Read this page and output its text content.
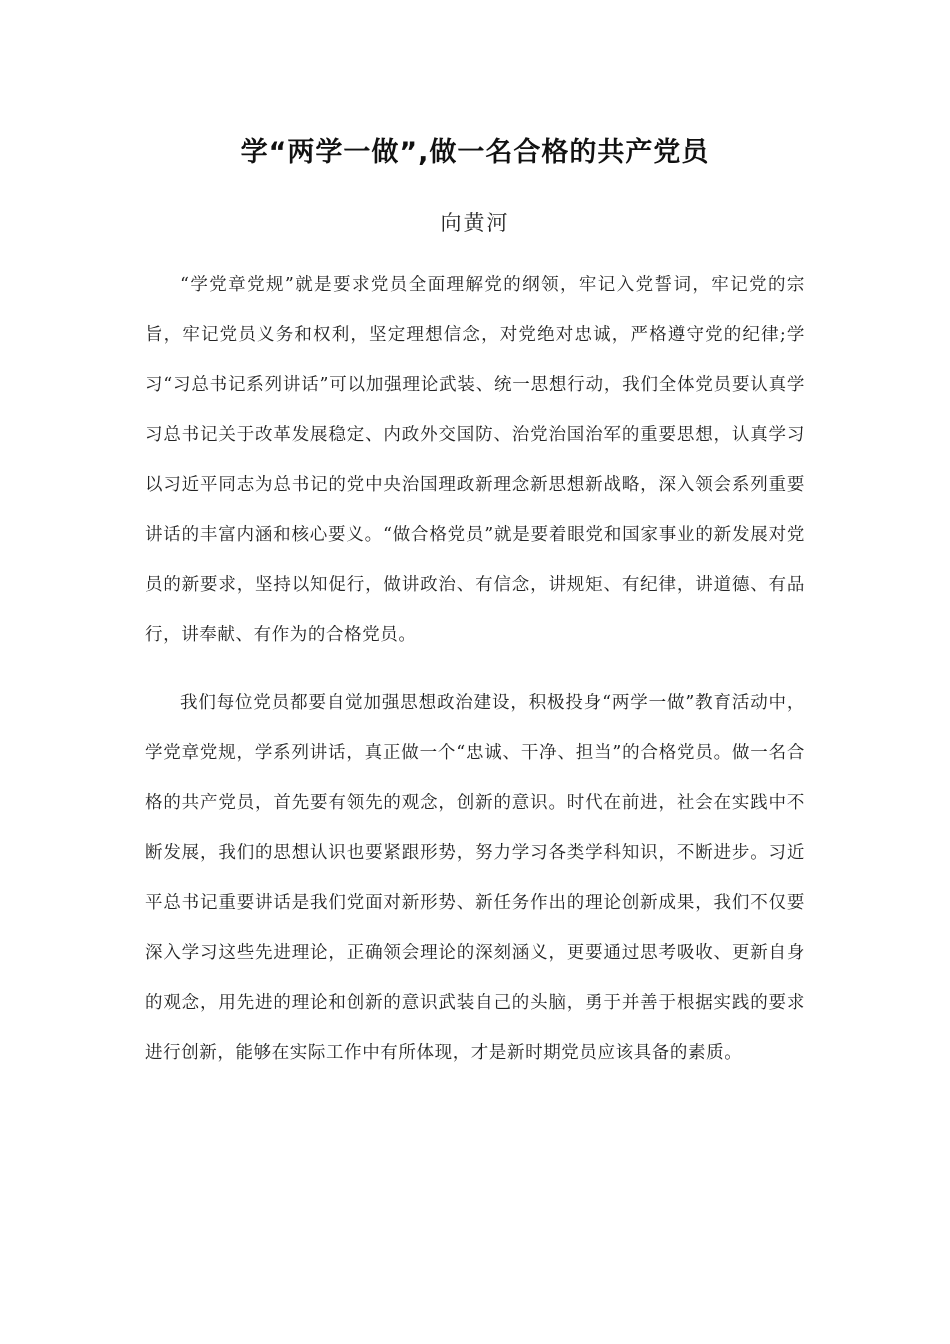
学“两学一做”,做一名合格的共产党员
向黄河

“学党章党规”就是要求党员全面理解党的纲领，牢记入党誓词，牢记党的宗旨，牢记党员义务和权利，坚定理想信念，对党绝对忠诚，严格遵守党的纪律;学习“习总书记系列讲话”可以加强理论武装、统一思想行动，我们全体党员要认真学习总书记关于改革发展稳定、内政外交国防、治党治国治军的重要思想，认真学习以习近平同志为总书记的党中央治国理政新理念新思想新战略，深入领会系列重要讲话的丰富内涵和核心要义。“做合格党员”就是要着眼党和国家事业的新发展对党员的新要求，坚持以知促行，做讲政治、有信念，讲规矩、有纪律，讲道德、有品行，讲奉献、有作为的合格党员。

我们每位党员都要自觉加强思想政治建设，积极投身“两学一做”教育活动中，学党章党规，学系列讲话，真正做一个“忠诚、干净、担当”的合格党员。做一名合格的共产党员，首先要有领先的观念，创新的意识。时代在前进，社会在实践中不断发展，我们的思想认识也要紧跟形势，努力学习各类学科知识，不断进步。习近平总书记重要讲话是我们党面对新形势、新任务作出的理论创新成果，我们不仅要深入学习这些先进理论，正确领会理论的深刻涵义，更要通过思考吸收、更新自身的观念，用先进的理论和创新的意识武装自己的头脑，勇于并善于根据实践的要求进行创新，能够在实际工作中有所体现，才是新时期党员应该具备的素质。
